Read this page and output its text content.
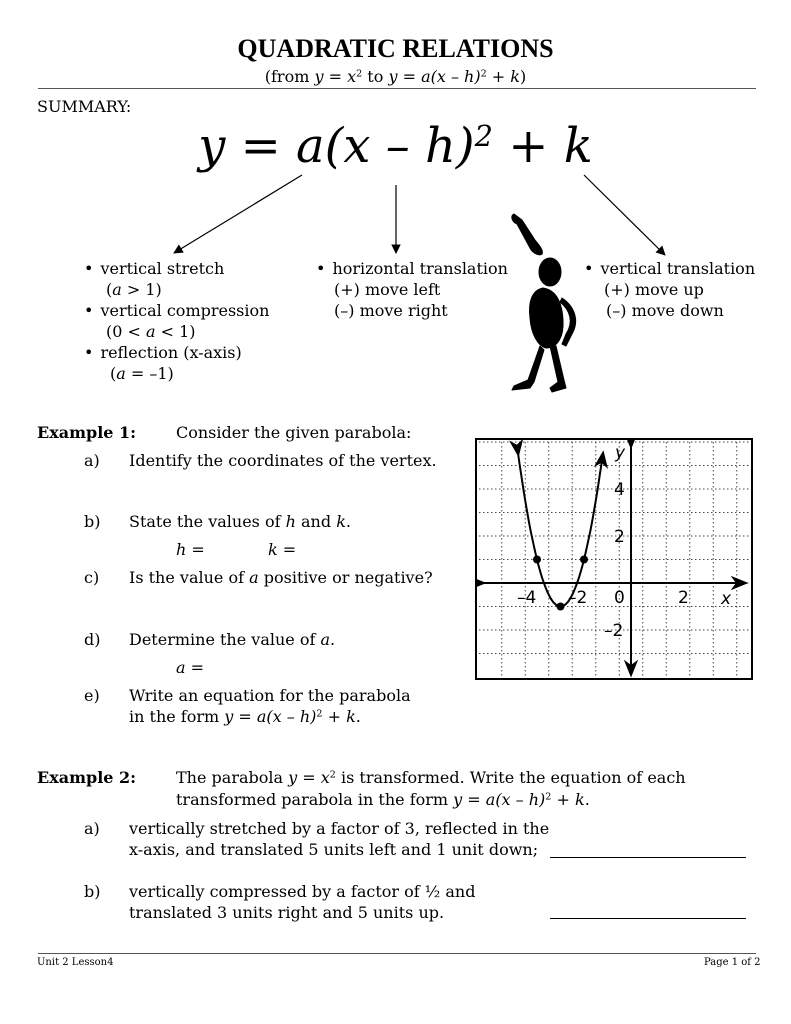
QUADRATIC RELATIONS
(from $y = x^2$ to y = a(x – h)$^2$ + k)
SUMMARY:
y = a(x – h)$^2$ + k
• vertical stretch
(a > 1)
• vertical compression
(0 < a < 1)
• reflection (x-axis)
(a = –1)
• horizontal translation
(+) move left
(–) move right
• vertical translation
(+) move up
(–) move down
Example 1: Consider the given parabola:
a) Identify the coordinates of the vertex.
b) State the values of h and k.
h =	k =
c) Is the value of a positive or negative?
d) Determine the value of a.
a =
e) Write an equation for the parabola
in the form y = a(x – h)$^2$ + k.
–4 –2 0	2
4
2
–2
x
y
Example 2: The parabola $y = x^2$ is transformed. Write the equation of each
transformed parabola in the form y = a(x – h)$^2$ + k.
a) vertically stretched by a factor of 3, reflected in the
x-axis, and translated 5 units left and 1 unit down;
b) vertically compressed by a factor of ½ and
translated 3 units right and 5 units up.
Unit 2 Lesson4	Page 1 of 2
